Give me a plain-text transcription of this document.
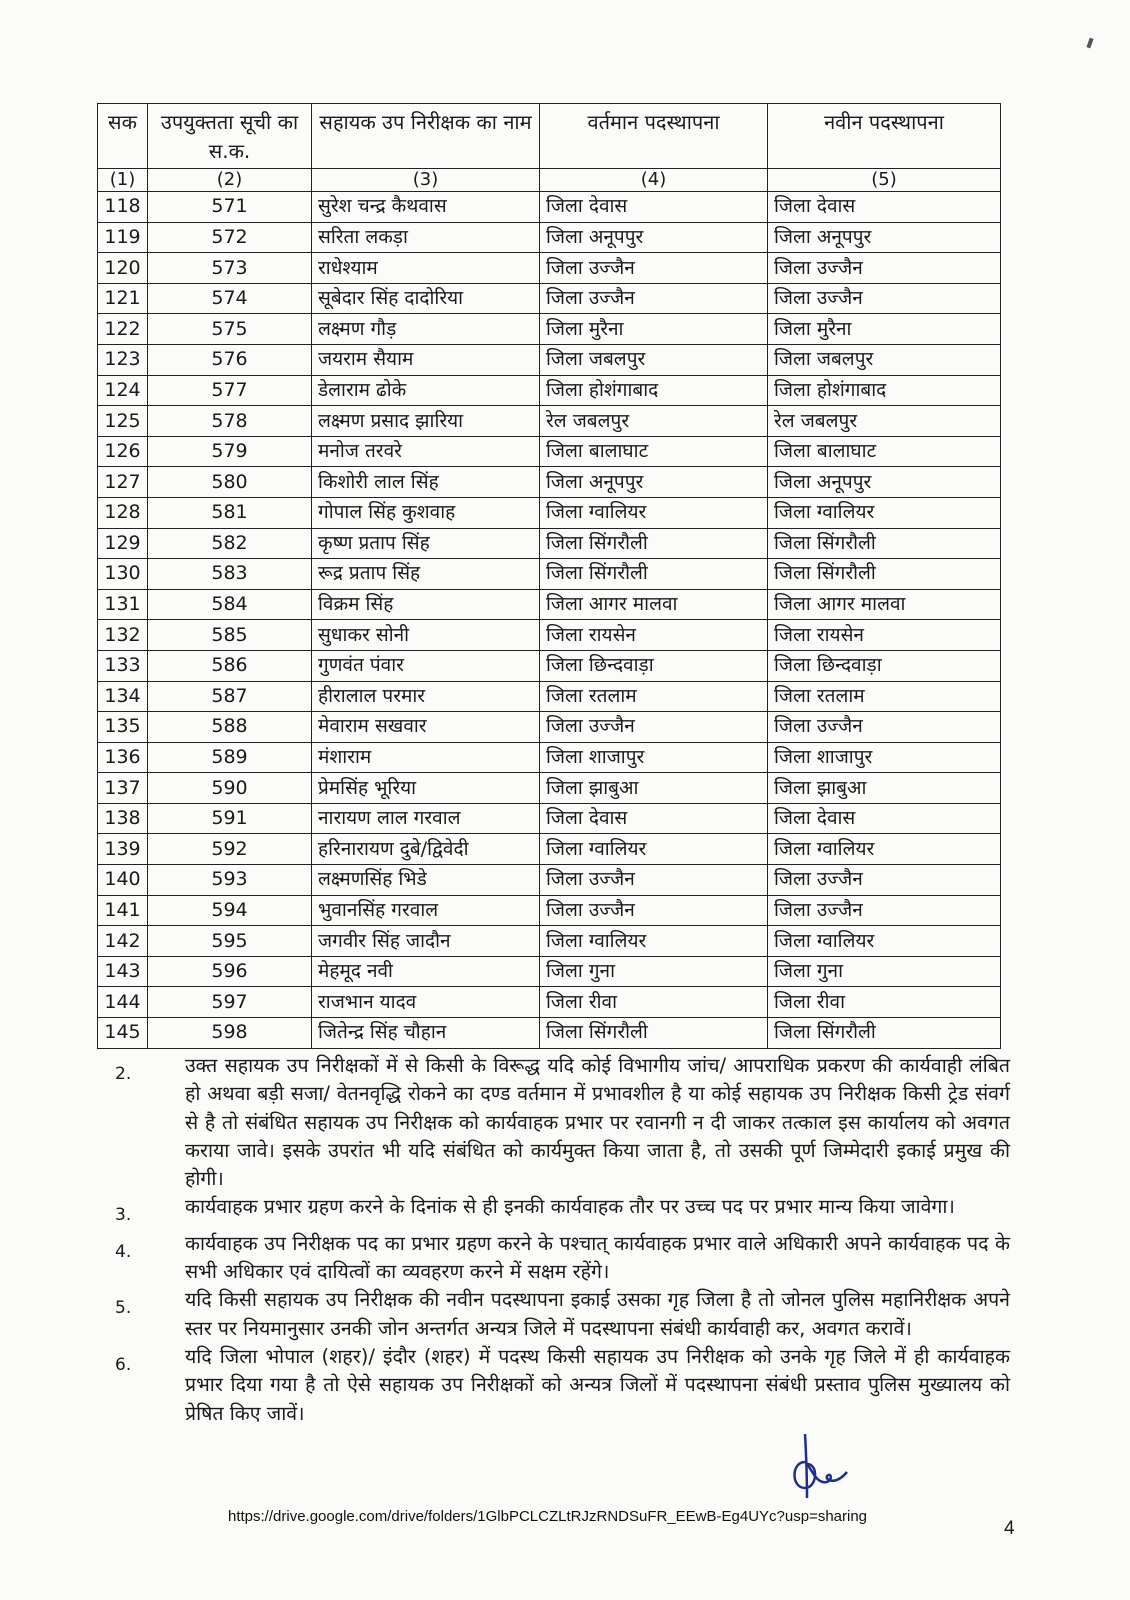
सक	उपयुक्तता सूची का स.क.	सहायक उप निरीक्षक का नाम	वर्तमान पदस्थापना	नवीन पदस्थापना
(1)	(2)	(3)	(4)	(5)
118	571	सुरेश चन्द्र कैथवास	जिला देवास	जिला देवास
119	572	सरिता लकड़ा	जिला अनूपपुर	जिला अनूपपुर
120	573	राधेश्याम	जिला उज्जैन	जिला उज्जैन
121	574	सूबेदार सिंह दादोरिया	जिला उज्जैन	जिला उज्जैन
122	575	लक्ष्मण गौड़	जिला मुरैना	जिला मुरैना
123	576	जयराम सैयाम	जिला जबलपुर	जिला जबलपुर
124	577	डेलाराम ढोके	जिला होशंगाबाद	जिला होशंगाबाद
125	578	लक्ष्मण प्रसाद झारिया	रेल जबलपुर	रेल जबलपुर
126	579	मनोज तरवरे	जिला बालाघाट	जिला बालाघाट
127	580	किशोरी लाल सिंह	जिला अनूपपुर	जिला अनूपपुर
128	581	गोपाल सिंह कुशवाह	जिला ग्वालियर	जिला ग्वालियर
129	582	कृष्ण प्रताप सिंह	जिला सिंगरौली	जिला सिंगरौली
130	583	रूद्र प्रताप सिंह	जिला सिंगरौली	जिला सिंगरौली
131	584	विक्रम सिंह	जिला आगर मालवा	जिला आगर मालवा
132	585	सुधाकर सोनी	जिला रायसेन	जिला रायसेन
133	586	गुणवंत पंवार	जिला छिन्दवाड़ा	जिला छिन्दवाड़ा
134	587	हीरालाल परमार	जिला रतलाम	जिला रतलाम
135	588	मेवाराम सखवार	जिला उज्जैन	जिला उज्जैन
136	589	मंशाराम	जिला शाजापुर	जिला शाजापुर
137	590	प्रेमसिंह भूरिया	जिला झाबुआ	जिला झाबुआ
138	591	नारायण लाल गरवाल	जिला देवास	जिला देवास
139	592	हरिनारायण दुबे/द्विवेदी	जिला ग्वालियर	जिला ग्वालियर
140	593	लक्ष्मणसिंह भिडे	जिला उज्जैन	जिला उज्जैन
141	594	भुवानसिंह गरवाल	जिला उज्जैन	जिला उज्जैन
142	595	जगवीर सिंह जादौन	जिला ग्वालियर	जिला ग्वालियर
143	596	मेहमूद नवी	जिला गुना	जिला गुना
144	597	राजभान यादव	जिला रीवा	जिला रीवा
145	598	जितेन्द्र सिंह चौहान	जिला सिंगरौली	जिला सिंगरौली
2.	उक्त सहायक उप निरीक्षकों में से किसी के विरूद्ध यदि कोई विभागीय जांच/ आपराधिक प्रकरण की कार्यवाही लंबित हो अथवा बड़ी सजा/ वेतनवृद्धि रोकने का दण्ड वर्तमान में प्रभावशील है या कोई सहायक उप निरीक्षक किसी ट्रेड संवर्ग से है तो संबंधित सहायक उप निरीक्षक को कार्यवाहक प्रभार पर रवानगी न दी जाकर तत्काल इस कार्यालय को अवगत कराया जावे। इसके उपरांत भी यदि संबंधित को कार्यमुक्त किया जाता है, तो उसकी पूर्ण जिम्मेदारी इकाई प्रमुख की होगी।
3.	कार्यवाहक प्रभार ग्रहण करने के दिनांक से ही इनकी कार्यवाहक तौर पर उच्च पद पर प्रभार मान्य किया जावेगा।
4.	कार्यवाहक उप निरीक्षक पद का प्रभार ग्रहण करने के पश्चात् कार्यवाहक प्रभार वाले अधिकारी अपने कार्यवाहक पद के सभी अधिकार एवं दायित्वों का व्यवहरण करने में सक्षम रहेंगे।
5.	यदि किसी सहायक उप निरीक्षक की नवीन पदस्थापना इकाई उसका गृह जिला है तो जोनल पुलिस महानिरीक्षक अपने स्तर पर नियमानुसार उनकी जोन अन्तर्गत अन्यत्र जिले में पदस्थापना संबंधी कार्यवाही कर, अवगत करावें।
6.	यदि जिला भोपाल (शहर)/ इंदौर (शहर) में पदस्थ किसी सहायक उप निरीक्षक को उनके गृह जिले में ही कार्यवाहक प्रभार दिया गया है तो ऐसे सहायक उप निरीक्षकों को अन्यत्र जिलों में पदस्थापना संबंधी प्रस्ताव पुलिस मुख्यालय को प्रेषित किए जावें।
https://drive.google.com/drive/folders/1GlbPCLCZLtRJzRNDSuFR_EEwB-Eg4UYc?usp=sharing
4
